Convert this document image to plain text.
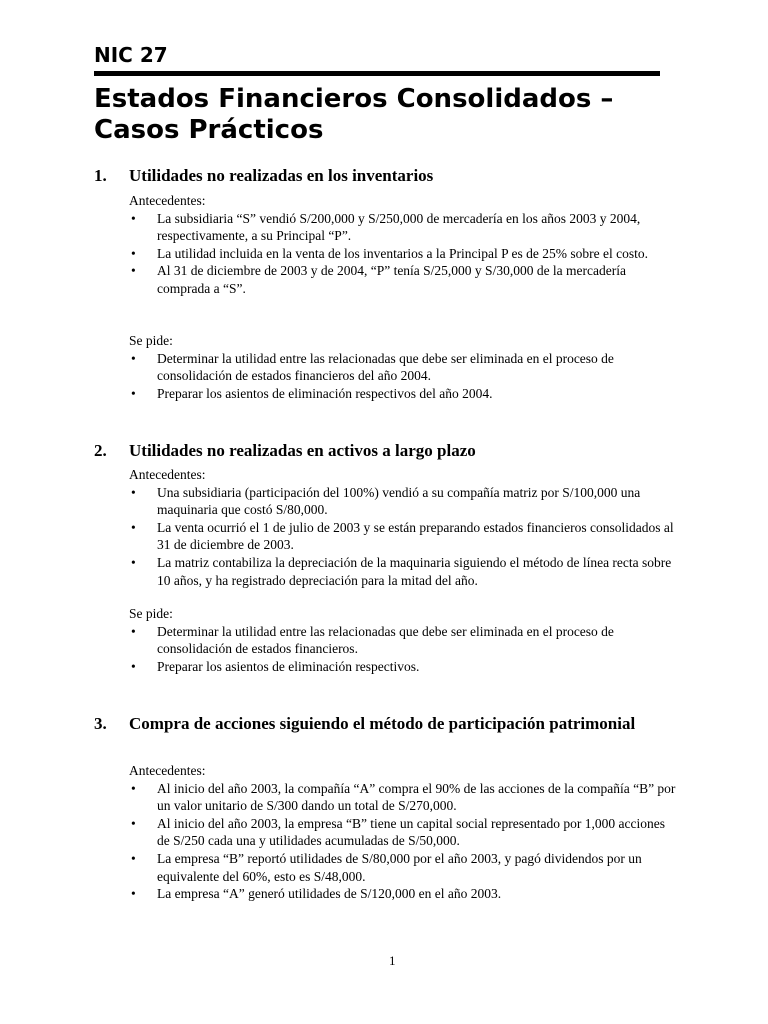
NIC 27
Estados Financieros Consolidados – Casos Prácticos
1. Utilidades no realizadas en los inventarios
Antecedentes:
• La subsidiaria “S” vendió S/200,000 y S/250,000 de mercadería en los años 2003 y 2004, respectivamente, a su Principal “P”.
• La utilidad incluida en la venta de los inventarios a la Principal P es de 25% sobre el costo.
• Al 31 de diciembre de 2003 y de 2004, “P” tenía S/25,000 y S/30,000 de la mercadería comprada a “S”.
Se pide:
• Determinar la utilidad entre las relacionadas que debe ser eliminada en el proceso de consolidación de estados financieros del año 2004.
• Preparar los asientos de eliminación respectivos del año 2004.
2. Utilidades no realizadas en activos a largo plazo
Antecedentes:
• Una subsidiaria (participación del 100%) vendió a su compañía matriz por S/100,000 una maquinaria que costó S/80,000.
• La venta ocurrió el 1 de julio de 2003 y se están preparando estados financieros consolidados al 31 de diciembre de 2003.
• La matriz contabiliza la depreciación de la maquinaria siguiendo el método de línea recta sobre 10 años, y ha registrado depreciación para la mitad del año.
Se pide:
• Determinar la utilidad entre las relacionadas que debe ser eliminada en el proceso de consolidación de estados financieros.
• Preparar los asientos de eliminación respectivos.
3. Compra de acciones siguiendo el método de participación patrimonial
Antecedentes:
• Al inicio del año 2003, la compañía “A” compra el 90% de las acciones de la compañía “B” por un valor unitario de S/300 dando un total de S/270,000.
• Al inicio del año 2003, la empresa “B” tiene un capital social representado por 1,000 acciones de S/250 cada una y utilidades acumuladas de S/50,000.
• La empresa “B” reportó utilidades de S/80,000 por el año 2003, y pagó dividendos por un equivalente del 60%, esto es S/48,000.
• La empresa “A” generó utilidades de S/120,000 en el año 2003.
1
